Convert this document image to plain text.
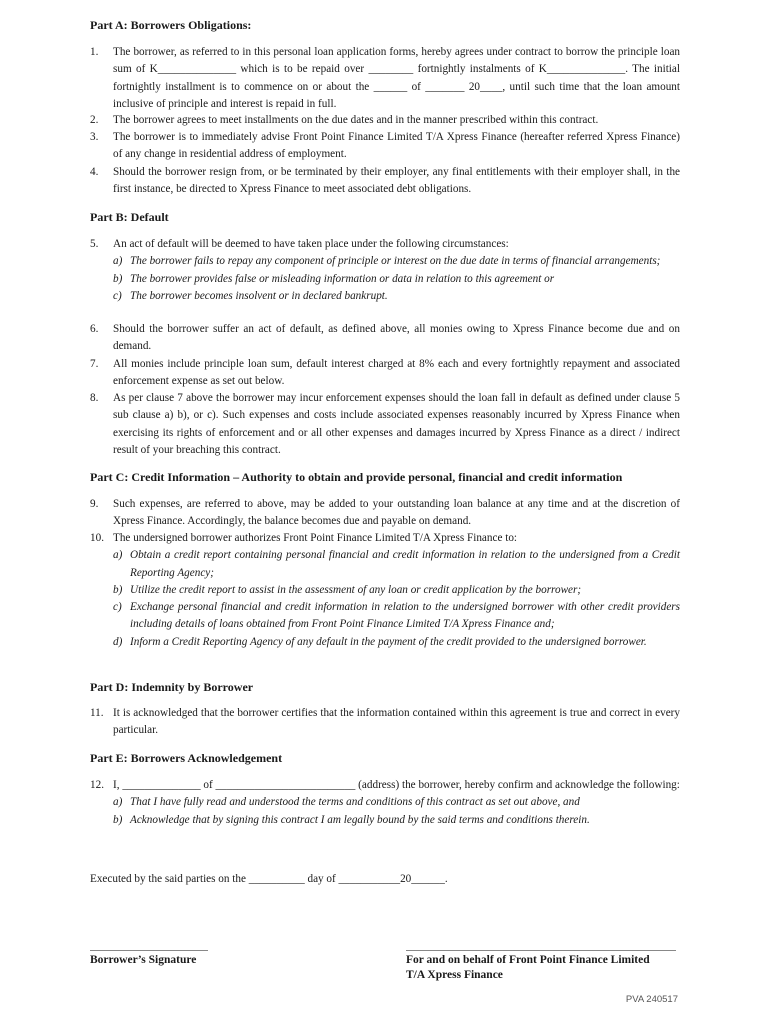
Part A: Borrowers Obligations:
1. The borrower, as referred to in this personal loan application forms, hereby agrees under contract to borrow the principle loan sum of K______________ which is to be repaid over ________ fortnightly instalments of K______________. The initial fortnightly installment is to commence on or about the ______ of _______ 20____, until such time that the loan amount inclusive of principle and interest is repaid in full.

2. The borrower agrees to meet installments on the due dates and in the manner prescribed within this contract.

3. The borrower is to immediately advise Front Point Finance Limited T/A Xpress Finance (hereafter referred Xpress Finance) of any change in residential address of employment.

4. Should the borrower resign from, or be terminated by their employer, any final entitlements with their employer shall, in the first instance, be directed to Xpress Finance to meet associated debt obligations.

Part B: Default
5. An act of default will be deemed to have taken place under the following circumstances:

a) The borrower fails to repay any component of principle or interest on the due date in terms of financial arrangements;
b) The borrower provides false or misleading information or data in relation to this agreement or
c) The borrower becomes insolvent or in declared bankrupt.
6. Should the borrower suffer an act of default, as defined above, all monies owing to Xpress Finance become due and on demand.

7. All monies include principle loan sum, default interest charged at 8% each and every fortnightly repayment and associated enforcement expense as set out below.

8. As per clause 7 above the borrower may incur enforcement expenses should the loan fall in default as defined under clause 5 sub clause a) b), or c). Such expenses and costs include associated expenses reasonably incurred by Xpress Finance when exercising its rights of enforcement and or all other expenses and damages incurred by Xpress Finance as a direct / indirect result of your breaching this contract.

Part C: Credit Information – Authority to obtain and provide personal, financial and credit information
9. Such expenses, are referred to above, may be added to your outstanding loan balance at any time and at the discretion of Xpress Finance. Accordingly, the balance becomes due and payable on demand.

10. The undersigned borrower authorizes Front Point Finance Limited T/A Xpress Finance to:

a) Obtain a credit report containing personal financial and credit information in relation to the undersigned from a Credit Reporting Agency;
b) Utilize the credit report to assist in the assessment of any loan or credit application by the borrower;
c) Exchange personal financial and credit information in relation to the undersigned borrower with other credit providers including details of loans obtained from Front Point Finance Limited T/A Xpress Finance and;
d) Inform a Credit Reporting Agency of any default in the payment of the credit provided to the undersigned borrower.
Part D: Indemnity by Borrower
11. It is acknowledged that the borrower certifies that the information contained within this agreement is true and correct in every particular.

Part E: Borrowers Acknowledgement
12. I, ______________ of _________________________ (address) the borrower, hereby confirm and acknowledge the following:

a) That I have fully read and understood the terms and conditions of this contract as set out above, and
b) Acknowledge that by signing this contract I am legally bound by the said terms and conditions therein.
Executed by the said parties on the __________ day of ___________20______.
Borrower’s Signature	For and on behalf of Front Point Finance Limited
T/A Xpress Finance
PVA 240517
